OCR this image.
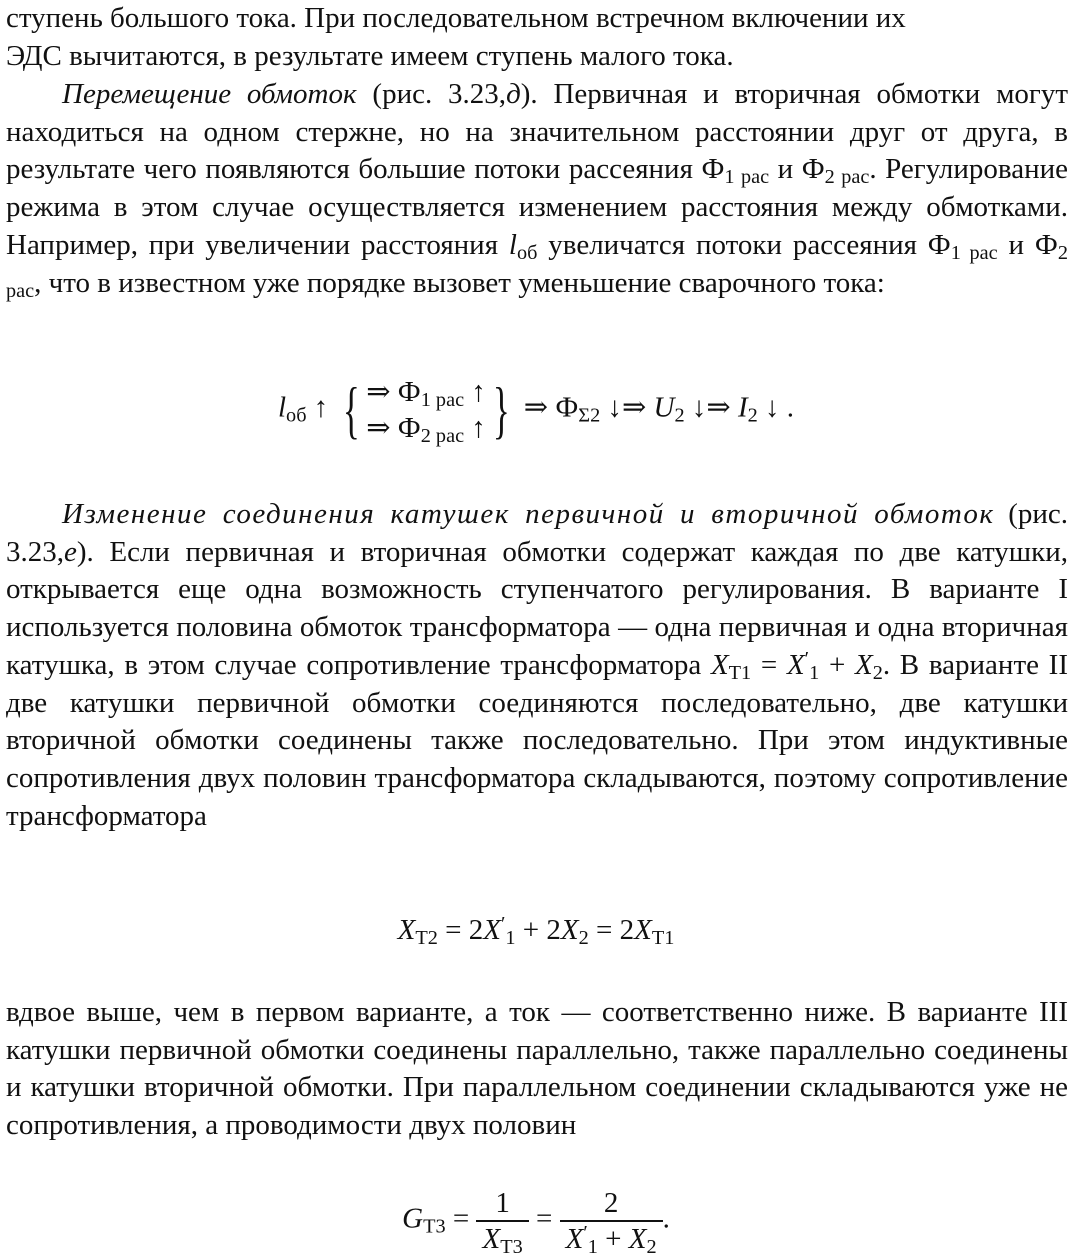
ступень большого тока. При последовательном встречном включении их
ЭДС вычитаются, в результате имеем ступень малого тока.

Перемещение обмоток (рис. 3.23,д). Первичная и вторичная обмотки могут находиться на одном стержне, но на значительном расстоянии друг от друга, в результате чего появляются большие потоки рассеяния $Ф_{1 рас}$ и $Ф_{2 рас}$. Регулирование режима в этом случае осуществляется изменением расстояния между обмотками. Например, при увеличении расстояния $l_{об}$ увеличатся потоки рассеяния $Ф_{1 рас}$ и $Ф_{2 рас}$, что в известном уже порядке вызовет уменьшение сварочного тока:

$l_{об}$ ↑ { ⇒ $Ф_{1 рас}$ ↑
⇒ $Ф_{2 рас}$ ↑ } ⇒ $Ф_{\Sigma 2}$ ↓⇒ $U_2$ ↓⇒ $I_2$ ↓ .

Изменение соединения катушек первичной и вторичной обмоток (рис. 3.23,е). Если первичная и вторичная обмотки содержат каждая по две катушки, открывается еще одна возможность ступенчатого регулирования. В варианте I используется половина обмоток трансформатора — одна первичная и одна вторичная катушка, в этом случае сопротивление трансформатора $X_{Т1} = X'_1 + X_2$. В варианте II две катушки первичной обмотки соединяются последовательно, две катушки вторичной обмотки соединены также последовательно. При этом индуктивные сопротивления двух половин трансформатора складываются, поэтому сопротивление трансформатора

$X_{Т2} = 2X'_1 + 2X_2 = 2X_{Т1}$

вдвое выше, чем в первом варианте, а ток — соответственно ниже. В варианте III катушки первичной обмотки соединены параллельно, также параллельно соединены и катушки вторичной обмотки. При параллельном соединении складываются уже не сопротивления, а проводимости двух половин

$G_{Т3} = \frac{1}{X_{Т3}} = \frac{2}{X'_1 + X_2}$ .
